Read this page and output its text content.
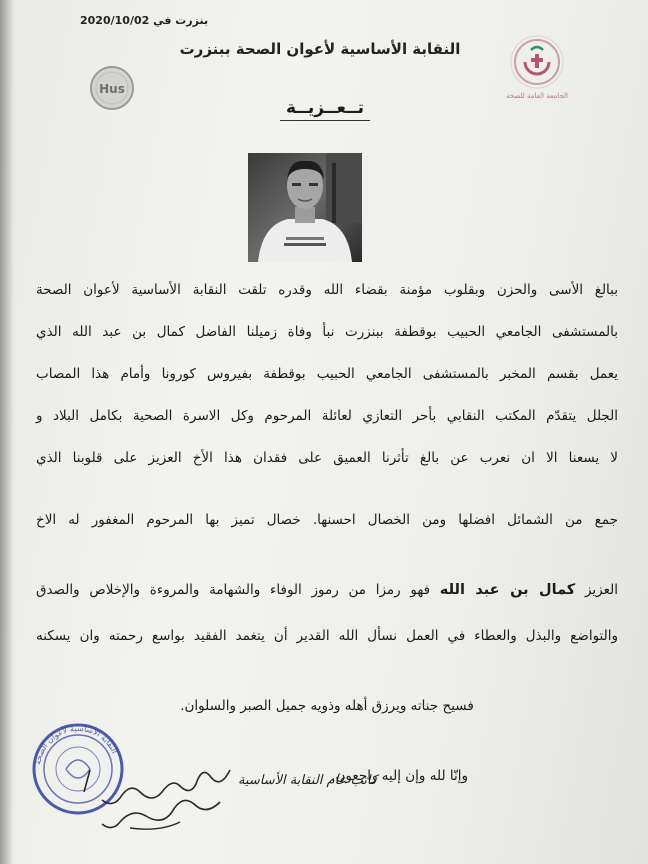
بنزرت في 2020/10/02
الجامعة العامة للصحة
Hus
النقابة الأساسية لأعوان الصحة ببنزرت
تــعــزيــة
ببالغ الأسى والحزن وبقلوب مؤمنة بقضاء الله وقدره تلقت النقابة الأساسية لأعوان الصحة
بالمستشفى الجامعي الحبيب بوقطفة ببنزرت نبأ وفاة زميلنا الفاضل كمال بن عبد الله الذي
يعمل بقسم المخبر بالمستشفى الجامعي الحبيب بوقطفة بفيروس كورونا وأمام هذا المصاب
الجلل يتقدّم المكتب النقابي بأحر التعازي لعائلة المرحوم وكل الاسرة الصحية بكامل البلاد و
لا يسعنا الا ان نعرب عن بالغ تأثرنا العميق على فقدان هذا الأخ العزيز على قلوبنا الذي
جمع من الشمائل افضلها ومن الخصال احسنها. خصال تميز بها المرحوم المغفور له الاخ
العزيز كمال بن عبد الله فهو رمزا من رموز الوفاء والشهامة والمروءة والإخلاص والصدق
والتواضع والبذل والعطاء في العمل نسأل الله القدير أن يتغمد الفقيد بواسع رحمته وان يسكنه
فسيح جناته ويرزق أهله وذويه جميل الصبر والسلوان.
وإنّا لله وإن إليه راجعون.
النقابة الأساسية لأعوان الصحة
كاتب عام النقابة الأساسية
